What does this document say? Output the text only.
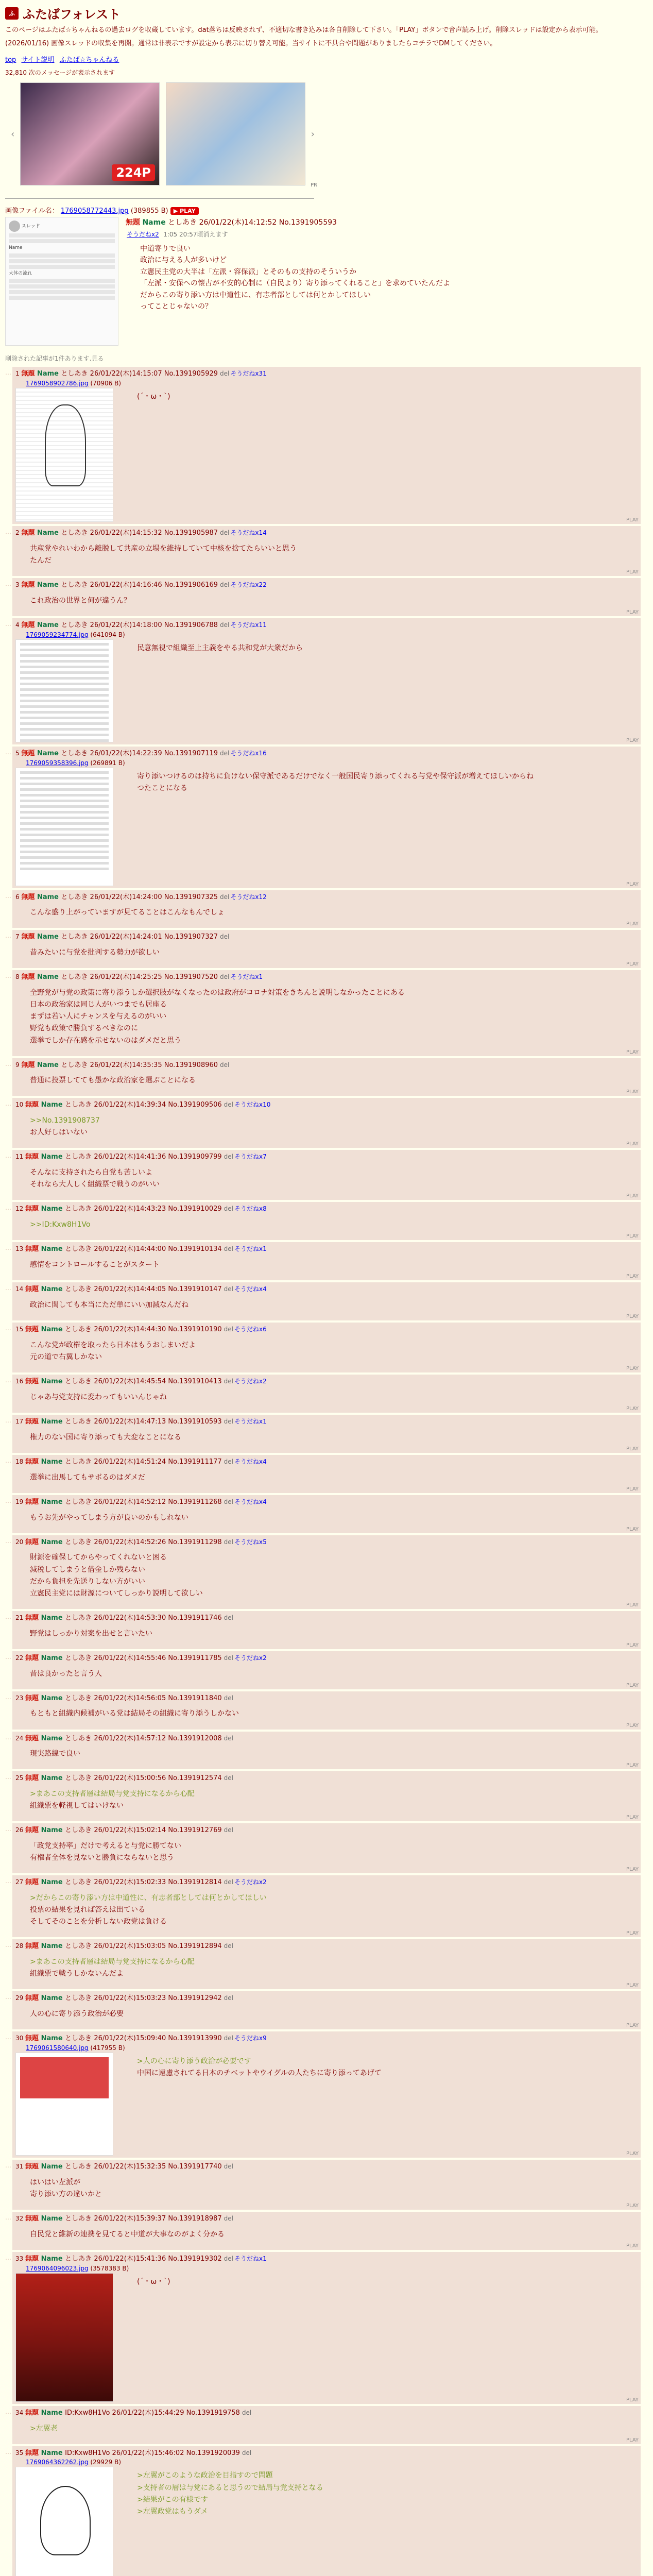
ふ ふたばフォレスト

このページはふたば☆ちゃんねるの過去ログを収蔵しています。dat落ちは反映されず、不適切な書き込みは各自削除して下さい。「PLAY」ボタンで音声読み上げ。削除スレッドは設定から表示可能。

(2026/01/16) 画像スレッドの収集を再開。通常は非表示ですが設定から表示に切り替え可能。当サイトに不具合や問題がありましたらコチラでDMしてください。

top サイト説明 ふたば☆ちゃんねる
32,810 次のメッセージが表示されます
‹
224P
›
PR
画像ファイル名： 1769058772443.jpg (389855 B) ▶ PLAY
スレッド
Name
大体の流れ
無題 Name としあき 26/01/22(木)14:12:52 No.1391905593
そうだねx2 1:05 20:57頃消えます
中道寄りで良い
政治に与える人が多いけど
立憲民主党の大半は「左派・容保派」とそのもの支持のそういうか
「左派・安保への懐古が不安的心制に（自民より）寄り添ってくれること」を求めていたんだよ
だからこの寄り添い方は中道性に、有志者部としては何とかしてほしい
ってことじゃないの？
削除された記事が1件あります.見る
… 1 無題 Name としあき 26/01/22(木)14:15:07 No.1391905929 del そうだねx31
1769058902786.jpg (70906 B)
(´・ω・`)
PLAY
… 2 無題 Name としあき 26/01/22(木)14:15:32 No.1391905987 del そうだねx14
共産党やれいわから離脱して共産の立場を維持していて中核を捨てたらいいと思う
たんだ
PLAY
… 3 無題 Name としあき 26/01/22(木)14:16:46 No.1391906169 del そうだねx22
これ政治の世界と何が違うん？
PLAY
… 4 無題 Name としあき 26/01/22(木)14:18:00 No.1391906788 del そうだねx11
1769059234774.jpg (641094 B)
民意無視で組織至上主義をやる共和党が大衆だから
PLAY
… 5 無題 Name としあき 26/01/22(木)14:22:39 No.1391907119 del そうだねx16
1769059358396.jpg (269891 B)
寄り添いつけるのは持ちに負けない保守派であるだけでなく一般国民寄り添ってくれる与党や保守派が増えてほしいからね
つたことになる
PLAY
… 6 無題 Name としあき 26/01/22(木)14:24:00 No.1391907325 del そうだねx12
こんな盛り上がっていますが見てることはこんなもんでしょ
PLAY
… 7 無題 Name としあき 26/01/22(木)14:24:01 No.1391907327 del
昔みたいに与党を批判する勢力が欲しい
PLAY
… 8 無題 Name としあき 26/01/22(木)14:25:25 No.1391907520 del そうだねx1
全野党が与党の政策に寄り添うしか選択肢がなくなったのは政府がコロナ対策をきちんと説明しなかったことにある
日本の政治家は同じ人がいつまでも居座る
まずは若い人にチャンスを与えるのがいい
野党も政策で勝負するべきなのに
選挙でしか存在感を示せないのはダメだと思う
PLAY
… 9 無題 Name としあき 26/01/22(木)14:35:35 No.1391908960 del
普通に投票してても愚かな政治家を選ぶことになる
PLAY
… 10 無題 Name としあき 26/01/22(木)14:39:34 No.1391909506 del そうだねx10
>>No.1391908737
お人好しはいない
PLAY
… 11 無題 Name としあき 26/01/22(木)14:41:36 No.1391909799 del そうだねx7
そんなに支持されたら自党も苦しいよ
それなら大人しく組織票で戦うのがいい
PLAY
… 12 無題 Name としあき 26/01/22(木)14:43:23 No.1391910029 del そうだねx8
>>ID:Kxw8H1Vo
PLAY
… 13 無題 Name としあき 26/01/22(木)14:44:00 No.1391910134 del そうだねx1
感情をコントロールすることがスタート
PLAY
… 14 無題 Name としあき 26/01/22(木)14:44:05 No.1391910147 del そうだねx4
政治に関しても本当にただ単にいい加減なんだね
PLAY
… 15 無題 Name としあき 26/01/22(木)14:44:30 No.1391910190 del そうだねx6
こんな党が政権を取ったら日本はもうおしまいだよ
元の道で右翼しかない
PLAY
… 16 無題 Name としあき 26/01/22(木)14:45:54 No.1391910413 del そうだねx2
じゃあ与党支持に変わってもいいんじゃね
PLAY
… 17 無題 Name としあき 26/01/22(木)14:47:13 No.1391910593 del そうだねx1
権力のない国に寄り添っても大変なことになる
PLAY
… 18 無題 Name としあき 26/01/22(木)14:51:24 No.1391911177 del そうだねx4
選挙に出馬してもサボるのはダメだ
PLAY
… 19 無題 Name としあき 26/01/22(木)14:52:12 No.1391911268 del そうだねx4
もうお先がやってしまう方が良いのかもしれない
PLAY
… 20 無題 Name としあき 26/01/22(木)14:52:26 No.1391911298 del そうだねx5
財源を確保してからやってくれないと困る
減税してしまうと借金しか残らない
だから負担を先送りしない方がいい
立憲民主党には財源についてしっかり説明して欲しい
PLAY
… 21 無題 Name としあき 26/01/22(木)14:53:30 No.1391911746 del
野党はしっかり対案を出せと言いたい
PLAY
… 22 無題 Name としあき 26/01/22(木)14:55:46 No.1391911785 del そうだねx2
昔は良かったと言う人
PLAY
… 23 無題 Name としあき 26/01/22(木)14:56:05 No.1391911840 del
もともと組織内候補がいる党は結局その組織に寄り添うしかない
PLAY
… 24 無題 Name としあき 26/01/22(木)14:57:12 No.1391912008 del
現実路線で良い
PLAY
… 25 無題 Name としあき 26/01/22(木)15:00:56 No.1391912574 del
>まあこの支持者層は結局与党支持になるから心配
組織票を軽視してはいけない
PLAY
… 26 無題 Name としあき 26/01/22(木)15:02:14 No.1391912769 del
「政党支持率」だけで考えると与党に勝てない
有権者全体を見ないと勝負にならないと思う
PLAY
… 27 無題 Name としあき 26/01/22(木)15:02:33 No.1391912814 del そうだねx2
>だからこの寄り添い方は中道性に、有志者部としては何とかしてほしい
投票の結果を見れば答えは出ている
そしてそのことを分析しない政党は負ける
PLAY
… 28 無題 Name としあき 26/01/22(木)15:03:05 No.1391912894 del
>まあこの支持者層は結局与党支持になるから心配
組織票で戦うしかないんだよ
PLAY
… 29 無題 Name としあき 26/01/22(木)15:03:23 No.1391912942 del
人の心に寄り添う政治が必要
PLAY
… 30 無題 Name としあき 26/01/22(木)15:09:40 No.1391913990 del そうだねx9
1769061580640.jpg (417955 B)
>人の心に寄り添う政治が必要です
中国に遠慮されてる日本のチベットやウイグルの人たちに寄り添ってあげて
PLAY
… 31 無題 Name としあき 26/01/22(木)15:32:35 No.1391917740 del
はいはい左派が
寄り添い方の違いかと
PLAY
… 32 無題 Name としあき 26/01/22(木)15:39:37 No.1391918987 del
自民党と維新の連携を見てると中道が大事なのがよく分かる
PLAY
… 33 無題 Name としあき 26/01/22(木)15:41:36 No.1391919302 del そうだねx1
1769064096023.jpg (3578383 B)
(´・ω・`)
PLAY
… 34 無題 Name ID:Kxw8H1Vo 26/01/22(木)15:44:29 No.1391919758 del
>左翼老
PLAY
… 35 無題 Name ID:Kxw8H1Vo 26/01/22(木)15:46:02 No.1391920039 del
1769064362262.jpg (29929 B)
>左翼がこのような政治を目指すので問題
>支持者の層は与党にあると思うので結局与党支持となる
>結果がこの有様です
>左翼政党はもうダメ
